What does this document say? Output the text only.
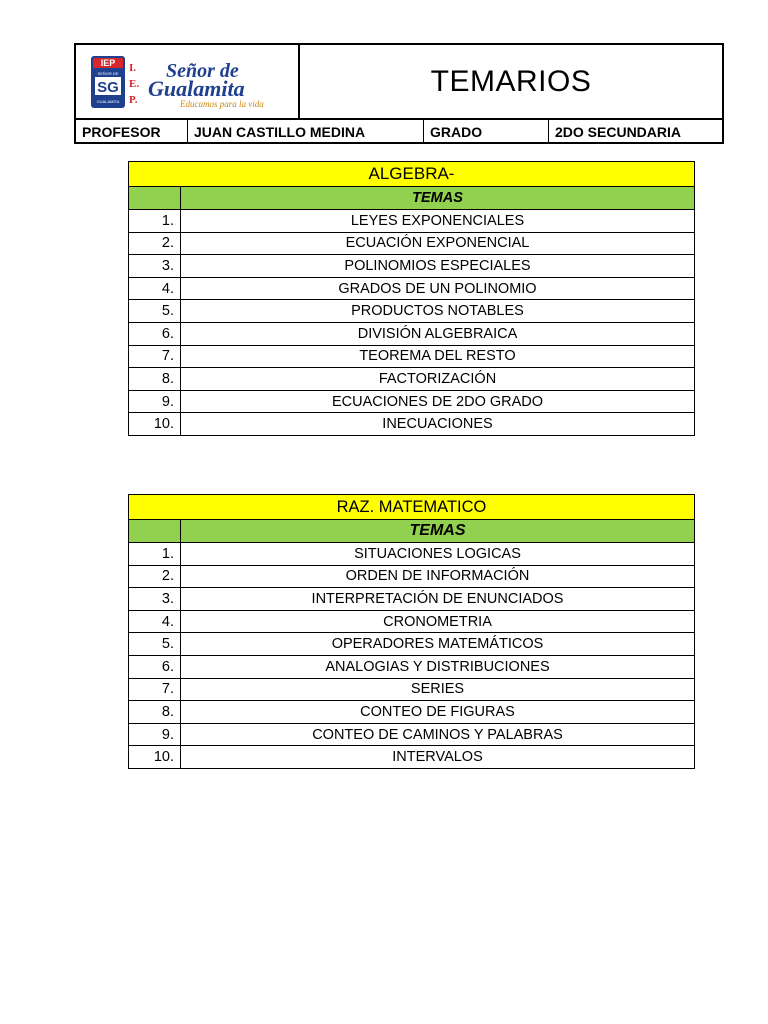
IEP
SEÑOR DE
SG
GUALAMITA
I.
E.
P.
Señor de
Gualamita
Educamos para la vida
TEMARIOS
PROFESOR	JUAN CASTILLO MEDINA	GRADO	2DO SECUNDARIA
ALGEBRA-	
	TEMAS
1.	LEYES EXPONENCIALES
2.	ECUACIÓN EXPONENCIAL
3.	POLINOMIOS ESPECIALES
4.	GRADOS DE UN POLINOMIO
5.	PRODUCTOS NOTABLES
6.	DIVISIÓN ALGEBRAICA
7.	TEOREMA DEL RESTO
8.	FACTORIZACIÓN
9.	ECUACIONES DE 2DO GRADO
10.	INECUACIONES
RAZ. MATEMATICO	
	TEMAS
1.	SITUACIONES LOGICAS
2.	ORDEN DE INFORMACIÓN
3.	INTERPRETACIÓN DE ENUNCIADOS
4.	CRONOMETRIA
5.	OPERADORES MATEMÁTICOS
6.	ANALOGIAS Y DISTRIBUCIONES
7.	SERIES
8.	CONTEO DE FIGURAS
9.	CONTEO DE CAMINOS Y PALABRAS
10.	INTERVALOS
